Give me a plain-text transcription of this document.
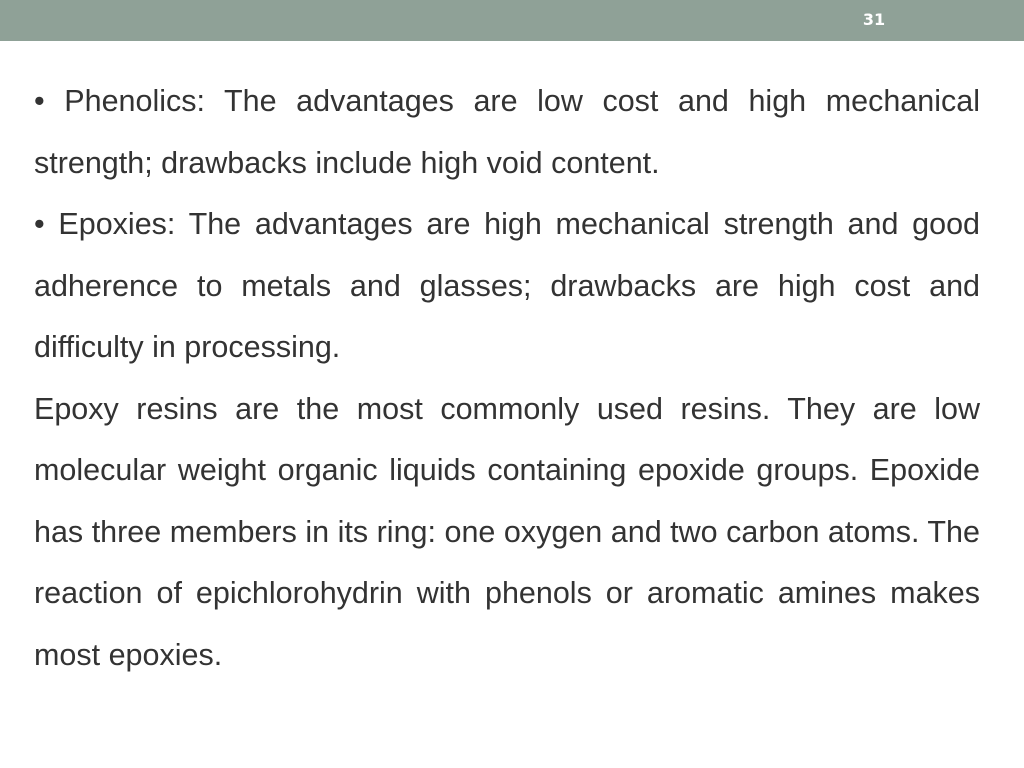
31

• Phenolics: The advantages are low cost and high mechanical strength; drawbacks include high void content.

• Epoxies: The advantages are high mechanical strength and good adherence to metals and glasses; drawbacks are high cost and difficulty in processing.

Epoxy resins are the most commonly used resins. They are low molecular weight organic liquids containing epoxide groups. Epoxide has three members in its ring: one oxygen and two carbon atoms. The reaction of epichlorohydrin with phenols or aromatic amines makes most epoxies.
